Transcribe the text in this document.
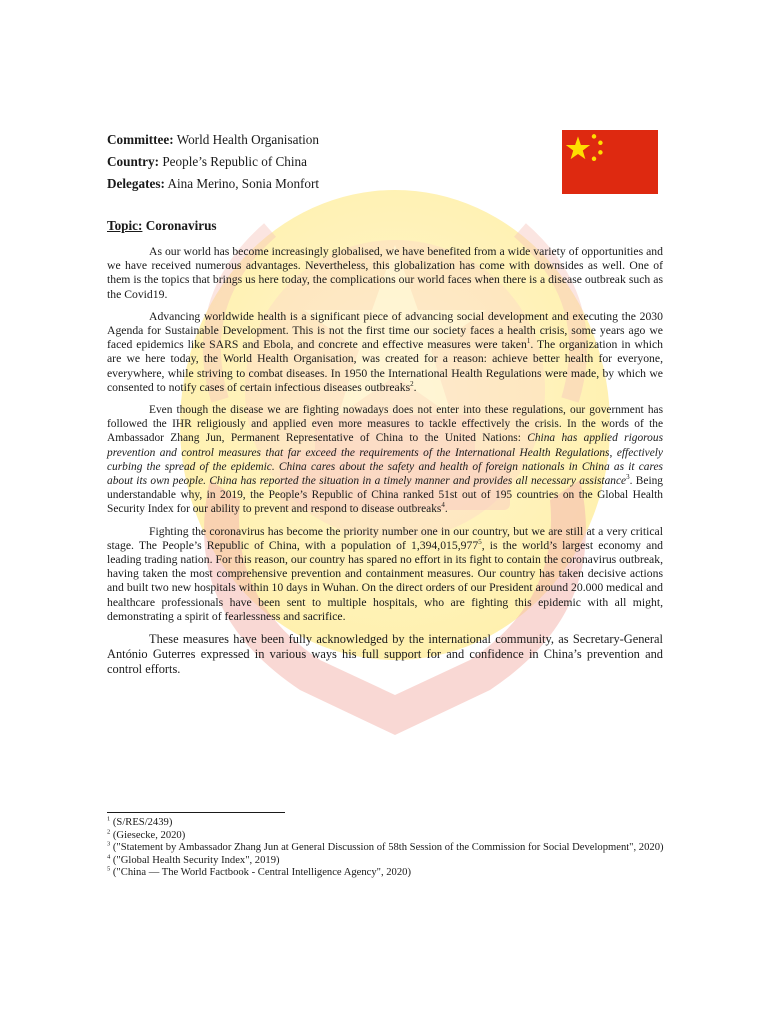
Committee: World Health Organisation
Country: People’s Republic of China
Delegates: Aina Merino, Sonia Monfort
Topic: Coronavirus

As our world has become increasingly globalised, we have benefited from a wide variety of opportunities and we have received numerous advantages. Nevertheless, this globalization has come with downsides as well. One of them is the topics that brings us here today, the complications our world faces when there is a disease outbreak such as the Covid19.

Advancing worldwide health is a significant piece of advancing social development and executing the 2030 Agenda for Sustainable Development. This is not the first time our society faces a health crisis, some years ago we faced epidemics like SARS and Ebola, and concrete and effective measures were taken$^1$. The organization in which are we here today, the World Health Organisation, was created for a reason: achieve better health for everyone, everywhere, while striving to combat diseases. In 1950 the International Health Regulations were made, by which we consented to notify cases of certain infectious diseases outbreaks$^2$.

Even though the disease we are fighting nowadays does not enter into these regulations, our government has followed the IHR religiously and applied even more measures to tackle effectively the crisis. In the words of the Ambassador Zhang Jun, Permanent Representative of China to the United Nations: China has applied rigorous prevention and control measures that far exceed the requirements of the International Health Regulations, effectively curbing the spread of the epidemic. China cares about the safety and health of foreign nationals in China as it cares about its own people. China has reported the situation in a timely manner and provides all necessary assistance$^3$. Being understandable why, in 2019, the People’s Republic of China ranked 51st out of 195 countries on the Global Health Security Index for our ability to prevent and respond to disease outbreaks$^4$.

Fighting the coronavirus has become the priority number one in our country, but we are still at a very critical stage. The People’s Republic of China, with a population of 1,394,015,977$^5$, is the world’s largest economy and leading trading nation. For this reason, our country has spared no effort in its fight to contain the coronavirus outbreak, having taken the most comprehensive prevention and containment measures. Our country has taken decisive actions and built two new hospitals within 10 days in Wuhan. On the direct orders of our President around 20.000 medical and healthcare professionals have been sent to multiple hospitals, who are fighting this epidemic with all might, demonstrating a spirit of fearlessness and sacrifice.

These measures have been fully acknowledged by the international community, as Secretary-General António Guterres expressed in various ways his full support for and confidence in China’s prevention and control efforts.

$^1$ (S/RES/2439)

$^2$ (Giesecke, 2020)

$^3$ ("Statement by Ambassador Zhang Jun at General Discussion of 58th Session of the Commission for Social Development", 2020)

$^4$ ("Global Health Security Index", 2019)

$^5$ ("China — The World Factbook - Central Intelligence Agency", 2020)
